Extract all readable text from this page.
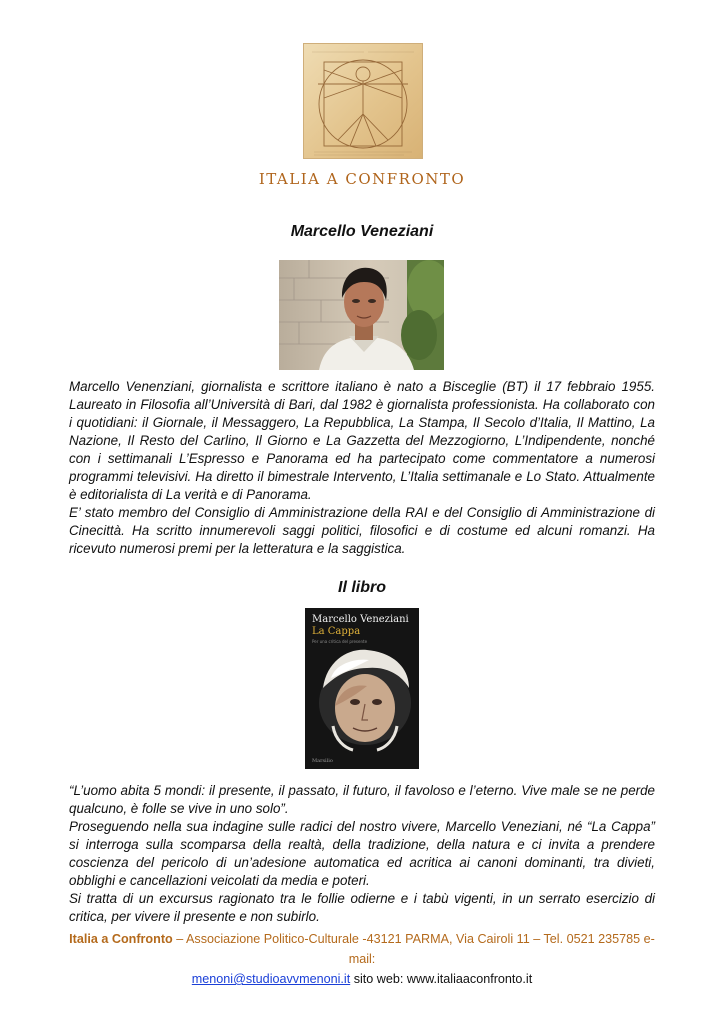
ITALIA A CONFRONTO
Marcello Veneziani

Marcello Venenziani, giornalista e scrittore italiano è nato a Bisceglie (BT) il 17 febbraio 1955. Laureato in Filosofia all’Università di Bari, dal 1982 è giornalista professionista. Ha collaborato con i quotidiani: il Giornale, il Messaggero, La Repubblica, La Stampa, Il Secolo d’Italia, Il Mattino, La Nazione, Il Resto del Carlino, Il Giorno e La Gazzetta del Mezzogiorno, L’Indipendente, nonché con i settimanali L’Espresso e Panorama ed ha partecipato come commentatore a numerosi programmi televisivi. Ha diretto il bimestrale Intervento, L’Italia settimanale e Lo Stato. Attualmente è editorialista di La verità e di Panorama.

E’ stato membro del Consiglio di Amministrazione della RAI e del Consiglio di Amministrazione di Cinecittà. Ha scritto innumerevoli saggi politici, filosofici e di costume ed alcuni romanzi. Ha ricevuto numerosi premi per la letteratura e la saggistica.

Il libro
Marcello Veneziani
La Cappa
Per una critica del presente
Marsilio

“L’uomo abita 5 mondi: il presente, il passato, il futuro, il favoloso e l’eterno. Vive male se ne perde qualcuno, è folle se vive in uno solo”.

Proseguendo nella sua indagine sulle radici del nostro vivere, Marcello Veneziani, né “La Cappa” si interroga sulla scomparsa della realtà, della tradizione, della natura e ci invita a prendere coscienza del pericolo di un’adesione automatica ed acritica ai canoni dominanti, tra divieti, obblighi e cancellazioni veicolati da media e poteri.

Si tratta di un excursus ragionato tra le follie odierne e i tabù vigenti, in un serrato esercizio di critica, per vivere il presente e non subirlo.

Italia a Confronto – Associazione Politico-Culturale -43121 PARMA, Via Cairoli 11 – Tel. 0521 235785 e-mail:
menoni@studioavvmenoni.it sito web: www.italiaaconfronto.it
